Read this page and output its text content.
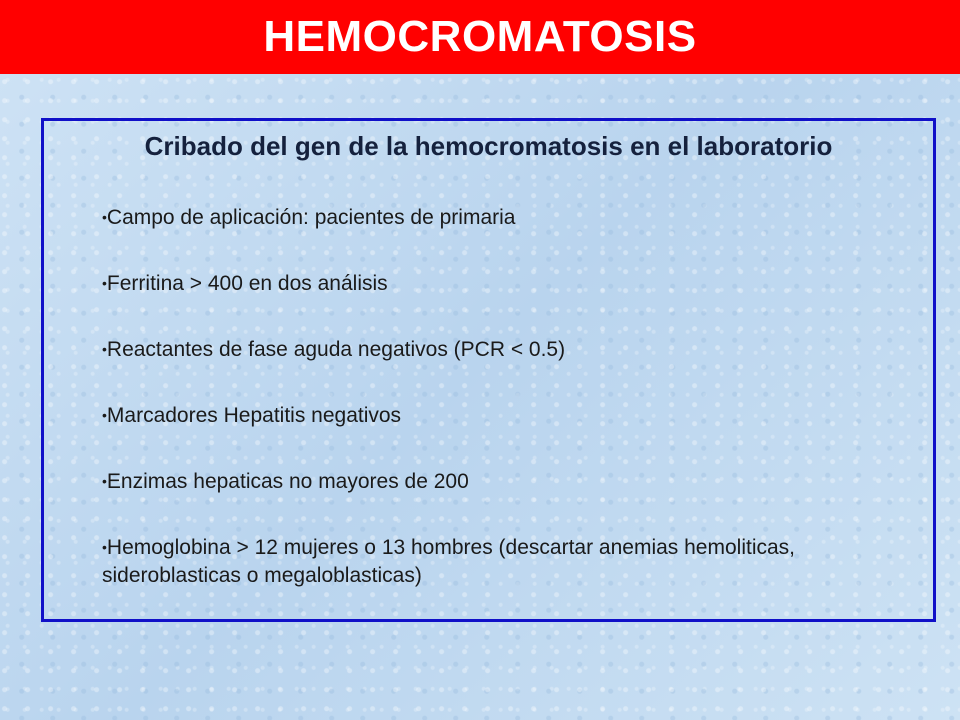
HEMOCROMATOSIS
Cribado del gen de la hemocromatosis en el laboratorio
•Campo de aplicación: pacientes de primaria
•Ferritina > 400 en dos análisis
•Reactantes de fase aguda negativos (PCR < 0.5)
•Marcadores Hepatitis negativos
•Enzimas hepaticas no mayores de 200
•Hemoglobina > 12 mujeres o 13 hombres (descartar anemias hemoliticas, sideroblasticas o megaloblasticas)
